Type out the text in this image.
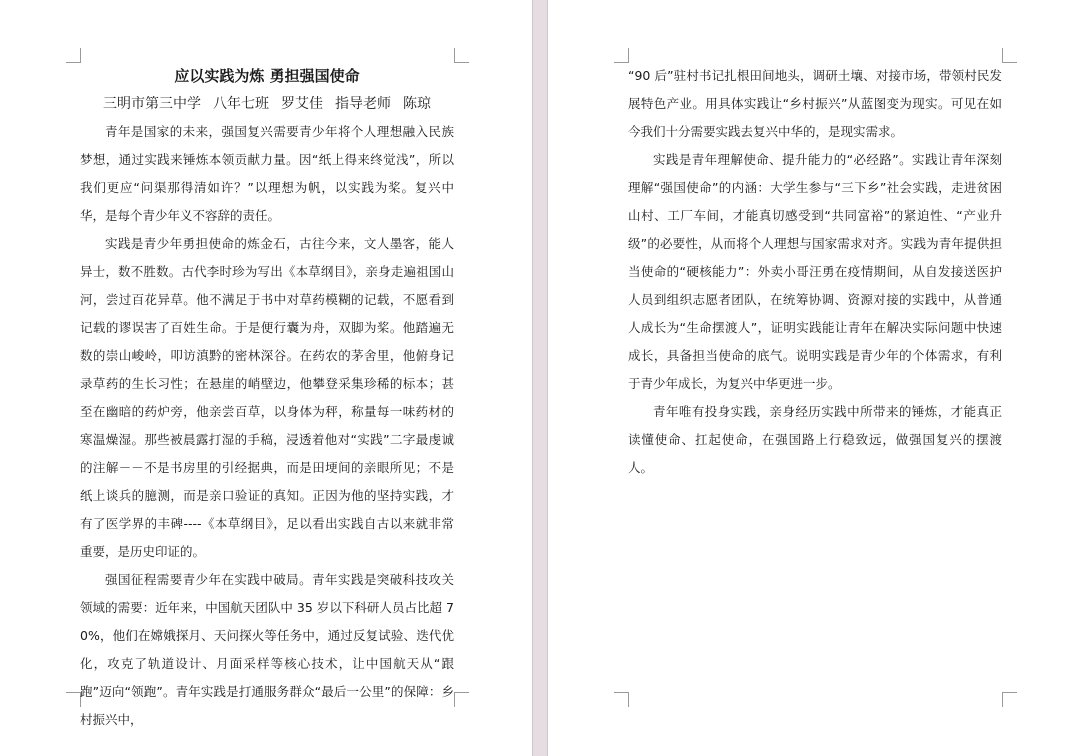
应以实践为炼 勇担强国使命

三明市第三中学 八年七班 罗艾佳 指导老师 陈琼

青年是国家的未来，强国复兴需要青少年将个人理想融入民族梦想，通过实践来锤炼本领贡献力量。因“纸上得来终觉浅”，所以我们更应“问渠那得清如许？”以理想为帆，以实践为桨。复兴中华，是每个青少年义不容辞的责任。

实践是青少年勇担使命的炼金石，古往今来，文人墨客，能人异士，数不胜数。古代李时珍为写出《本草纲目》，亲身走遍祖国山河，尝过百花异草。他不满足于书中对草药模糊的记载，不愿看到记载的谬误害了百姓生命。于是便行囊为舟，双脚为桨。他踏遍无数的崇山峻岭，叩访滇黔的密林深谷。在药农的茅舍里，他俯身记录草药的生长习性；在悬崖的峭壁边，他攀登采集珍稀的标本；甚至在幽暗的药炉旁，他亲尝百草，以身体为秤，称量每一味药材的寒温燥湿。那些被晨露打湿的手稿，浸透着他对“实践”二字最虔诚的注解－－不是书房里的引经据典，而是田埂间的亲眼所见；不是纸上谈兵的臆测，而是亲口验证的真知。正因为他的坚持实践，才有了医学界的丰碑----《本草纲目》，足以看出实践自古以来就非常重要，是历史印证的。

强国征程需要青少年在实践中破局。青年实践是突破科技攻关领域的需要：近年来，中国航天团队中 35 岁以下科研人员占比超 70%，他们在嫦娥探月、天问探火等任务中，通过反复试验、迭代优化，攻克了轨道设计、月面采样等核心技术，让中国航天从“跟跑”迈向“领跑”。青年实践是打通服务群众“最后一公里”的保障：乡村振兴中，

“90 后”驻村书记扎根田间地头，调研土壤、对接市场，带领村民发展特色产业。用具体实践让“乡村振兴”从蓝图变为现实。可见在如今我们十分需要实践去复兴中华的，是现实需求。

实践是青年理解使命、提升能力的“必经路”。实践让青年深刻理解“强国使命”的内涵：大学生参与“三下乡”社会实践，走进贫困山村、工厂车间，才能真切感受到“共同富裕”的紧迫性、“产业升级”的必要性，从而将个人理想与国家需求对齐。实践为青年提供担当使命的“硬核能力”：外卖小哥汪勇在疫情期间，从自发接送医护人员到组织志愿者团队，在统筹协调、资源对接的实践中，从普通人成长为“生命摆渡人”，证明实践能让青年在解决实际问题中快速成长，具备担当使命的底气。说明实践是青少年的个体需求，有利于青少年成长，为复兴中华更进一步。

青年唯有投身实践，亲身经历实践中所带来的锤炼，才能真正读懂使命、扛起使命，在强国路上行稳致远，做强国复兴的摆渡人。
